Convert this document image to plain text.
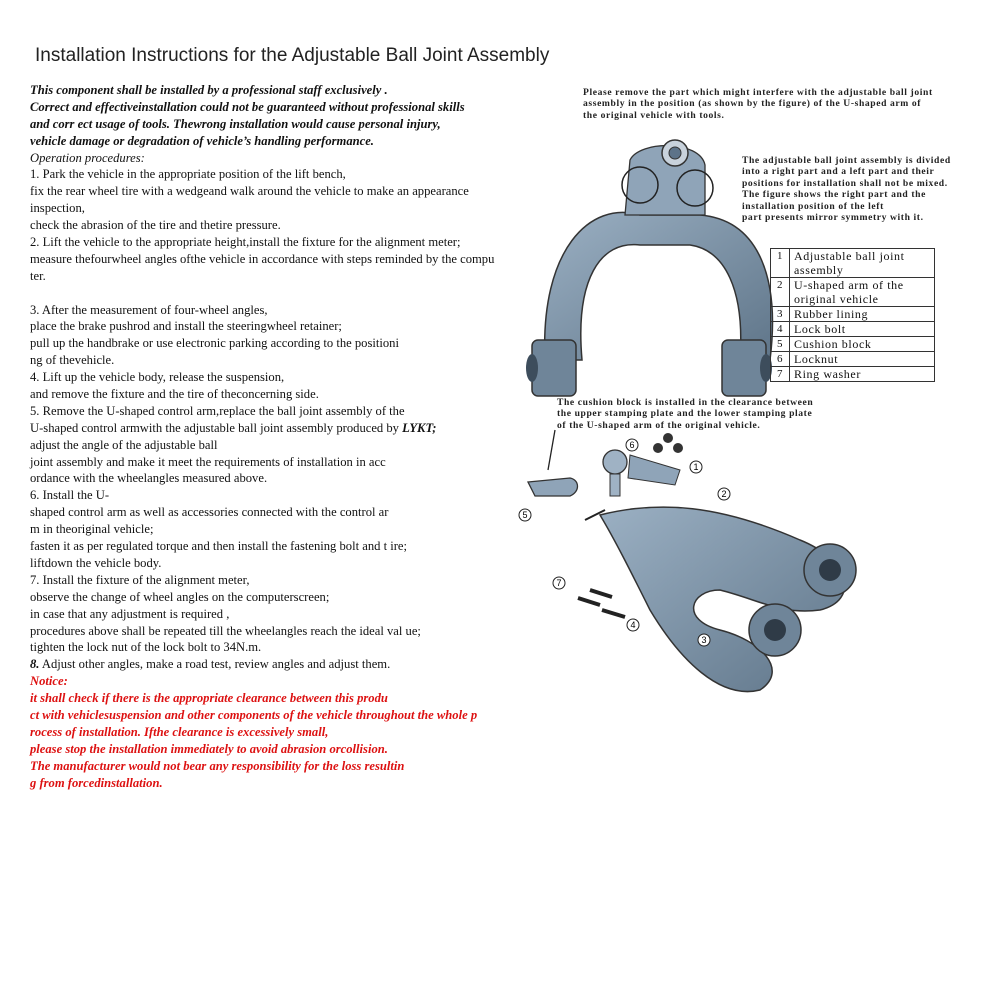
Installation Instructions for the Adjustable Ball Joint Assembly
This component shall be installed by a professional staff exclusively .
Correct and effectiveinstallation could not be guaranteed without professional skills
and corr ect usage of tools. Thewrong installation would cause personal injury,
vehicle damage or degradation of vehicle’s handling performance.
Operation procedures:
1. Park the vehicle in the appropriate position of the lift bench,
fix the rear wheel tire with a wedgeand walk around the vehicle to make an appearance
inspection,
check the abrasion of the tire and thetire pressure.
2. Lift the vehicle to the appropriate height,install the fixture for the alignment meter;
measure thefourwheel angles ofthe vehicle in accordance with steps reminded by the compu
ter.
3. After the measurement of four-wheel angles,
place the brake pushrod and install the steeringwheel retainer;
pull up the handbrake or use electronic parking according to the positioni
ng of thevehicle.
4. Lift up the vehicle body, release the suspension,
and remove the fixture and the tire of theconcerning side.
5. Remove the U-shaped control arm,replace the ball joint assembly of the
U-shaped control armwith the adjustable ball joint assembly produced by LYKT;
adjust the angle of the adjustable ball
joint assembly and make it meet the requirements of installation in acc
ordance with the wheelangles measured above.
6. Install the U-
shaped control arm as well as accessories connected with the control ar
m in theoriginal vehicle;
fasten it as per regulated torque and then install the fastening bolt and t ire;
liftdown the vehicle body.
7. Install the fixture of the alignment meter,
observe the change of wheel angles on the computerscreen;
in case that any adjustment is required ,
procedures above shall be repeated till the wheelangles reach the ideal val ue;
tighten the lock nut of the lock bolt to 34N.m.
8. Adjust other angles, make a road test, review angles and adjust them.
Notice:
it shall check if there is the appropriate clearance between this produ
ct with vehiclesuspension and other components of the vehicle throughout the whole p
rocess of installation. Ifthe clearance is excessively small,
please stop the installation immediately to avoid abrasion orcollision.
The manufacturer would not bear any responsibility for the loss resultin
g from forcedinstallation.
1
2
3
4
5
6
7
Please remove the part which might interfere with the adjustable ball joint
assembly in the position (as shown by the figure) of the U-shaped arm of
the original vehicle with tools.
The adjustable ball joint assembly is divided
into a right part and a left part and their
positions for installation shall not be mixed.
The figure shows the right part and the
installation position of the left
part presents mirror symmetry with it.
1	Adjustable ball joint assembly
2	U-shaped arm of the original vehicle
3	Rubber lining
4	Lock bolt
5	Cushion block
6	Locknut
7	Ring washer
The cushion block is installed in the clearance between
the upper stamping plate and the lower stamping plate
of the U-shaped arm of the original vehicle.
